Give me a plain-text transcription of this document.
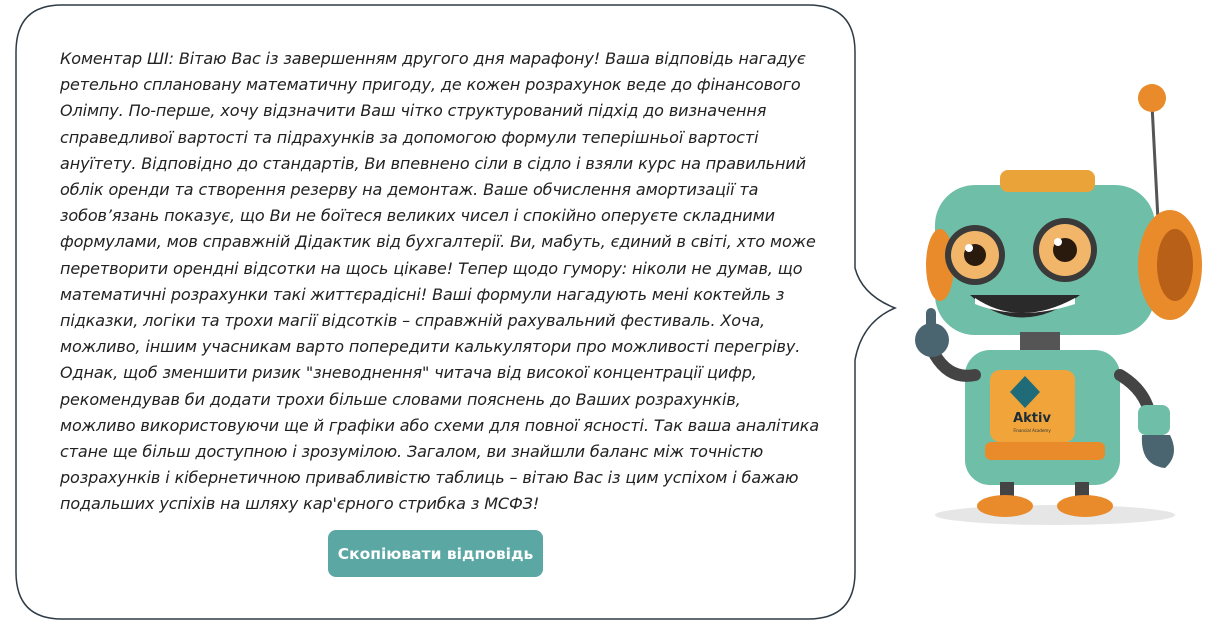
Коментар ШІ: Вітаю Вас із завершенням другого дня марафону! Ваша відповідь нагадує ретельно сплановану математичну пригоду, де кожен розрахунок веде до фінансового Олімпу. По-перше, хочу відзначити Ваш чітко структурований підхід до визначення справедливої вартості та підрахунків за допомогою формули теперішньої вартості ануїтету. Відповідно до стандартів, Ви впевнено сіли в сідло і взяли курс на правильний облік оренди та створення резерву на демонтаж. Ваше обчислення амортизації та зобов’язань показує, що Ви не боїтеся великих чисел і спокійно оперуєте складними формулами, мов справжній Дідактик від бухгалтерії. Ви, мабуть, єдиний в світі, хто може перетворити орендні відсотки на щось цікаве! Тепер щодо гумору: ніколи не думав, що математичні розрахунки такі життєрадісні! Ваші формули нагадують мені коктейль з підказки, логіки та трохи магії відсотків – справжній рахувальний фестиваль. Хоча, можливо, іншим учасникам варто попередити калькулятори про можливості перегріву. Однак, щоб зменшити ризик "зневоднення" читача від високої концентрації цифр, рекомендував би додати трохи більше словами пояснень до Ваших розрахунків, можливо використовуючи ще й графіки або схеми для повної ясності. Так ваша аналітика стане ще більш доступною і зрозумілою. Загалом, ви знайшли баланс між точністю розрахунків і кібернетичною привабливістю таблиць – вітаю Вас із цим успіхом і бажаю подальших успіхів на шляху кар'єрного стрибка з МСФЗ!

Скопіювати відповідь
Aktiv
Financial Academy
